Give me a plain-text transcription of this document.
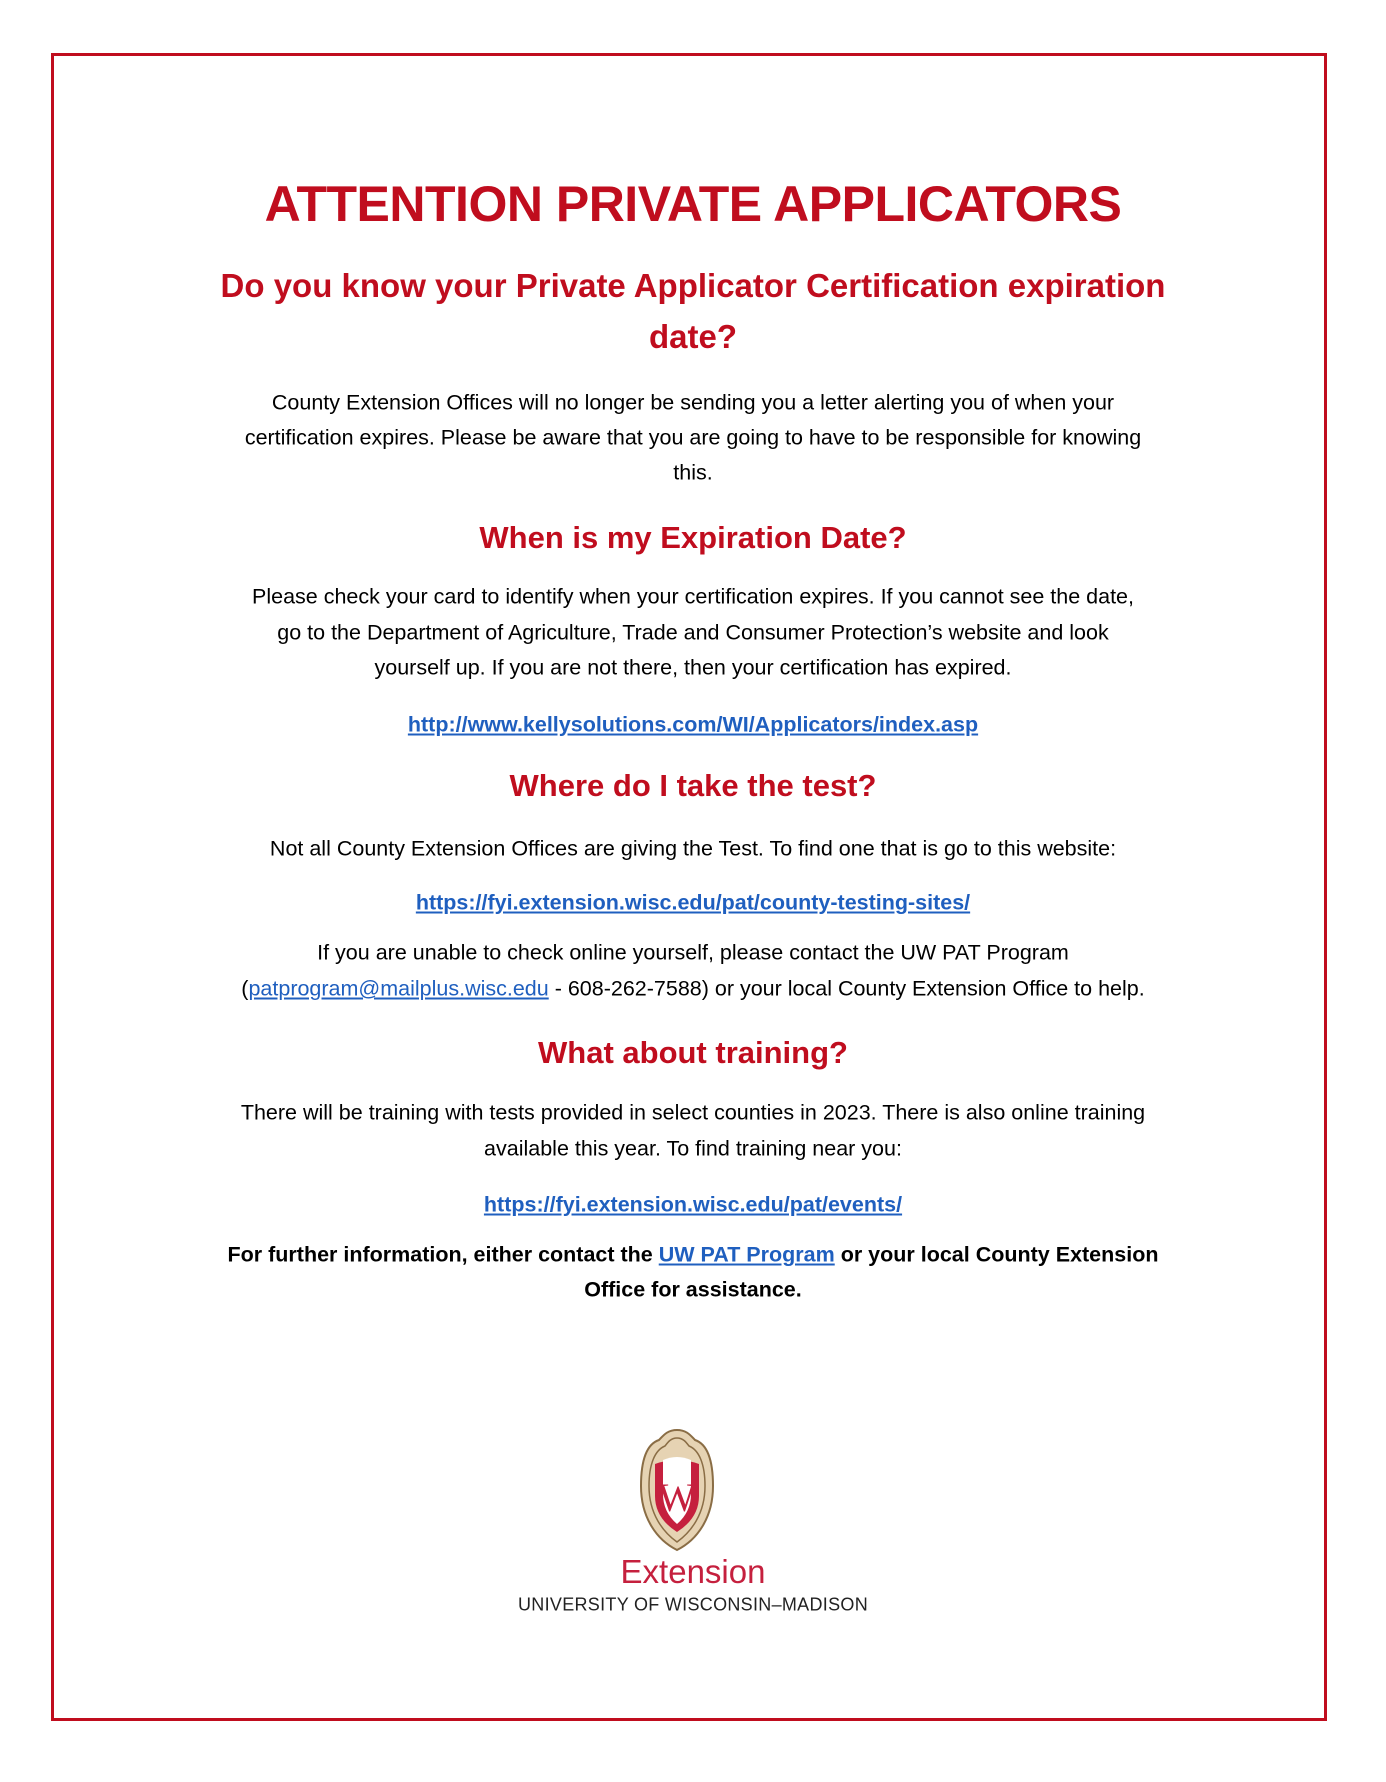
ATTENTION PRIVATE APPLICATORS
Do you know your Private Applicator Certification expiration
date?
County Extension Offices will no longer be sending you a letter alerting you of when your
certification expires. Please be aware that you are going to have to be responsible for knowing
this.
When is my Expiration Date?
Please check your card to identify when your certification expires. If you cannot see the date,
go to the Department of Agriculture, Trade and Consumer Protection’s website and look
yourself up. If you are not there, then your certification has expired.
http://www.kellysolutions.com/WI/Applicators/index.asp
Where do I take the test?
Not all County Extension Offices are giving the Test. To find one that is go to this website:
https://fyi.extension.wisc.edu/pat/county-testing-sites/
If you are unable to check online yourself, please contact the UW PAT Program
(patprogram@mailplus.wisc.edu - 608-262-7588) or your local County Extension Office to help.
What about training?
There will be training with tests provided in select counties in 2023. There is also online training
available this year. To find training near you:
https://fyi.extension.wisc.edu/pat/events/
For further information, either contact the UW PAT Program or your local County Extension
Office for assistance.
W
Extension
UNIVERSITY OF WISCONSIN–MADISON
